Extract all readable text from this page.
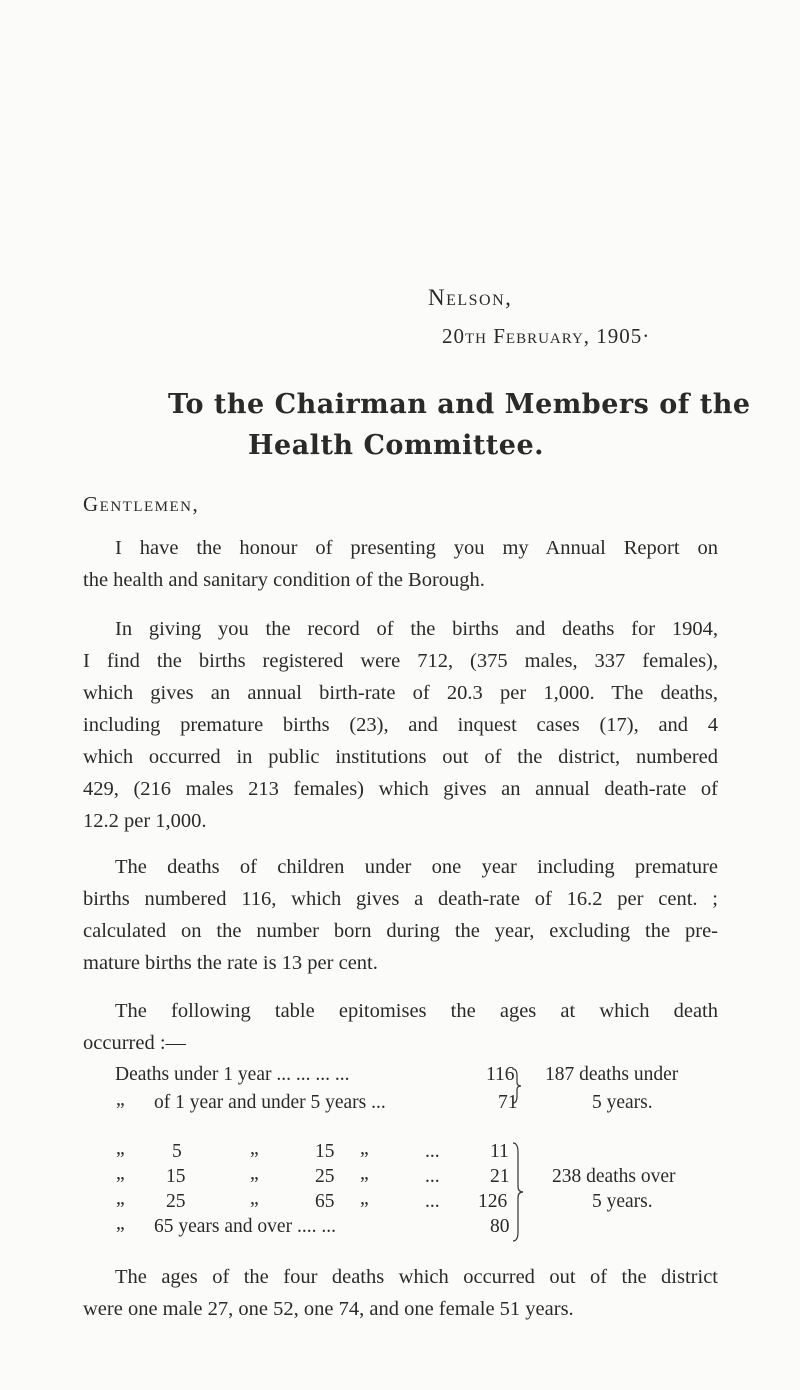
Nelson,
20th February, 1905·
To the Chairman and Members of the
Health Committee.
Gentlemen,
I have the honour of presenting you my Annual Report on
the health and sanitary condition of the Borough.
In giving you the record of the births and deaths for 1904,
I find the births registered were 712, (375 males, 337 females),
which gives an annual birth-rate of 20.3 per 1,000. The deaths,
including premature births (23), and inquest cases (17), and 4
which occurred in public institutions out of the district, numbered
429, (216 males 213 females) which gives an annual death-rate of
12.2 per 1,000.
The deaths of children under one year including premature
births numbered 116, which gives a death-rate of 16.2 per cent. ;
calculated on the number born during the year, excluding the pre-
mature births the rate is 13 per cent.
The following table epitomises the ages at which death
occurred :—
Deaths under 1 year ... ... ... ...	116
„ of 1 year and under 5 years ...	71
187 deaths under
5 years.
„ 5	„	15 „	...	11
„ 15	„	25 „	...	21
„ 25	„	65 „	... 126
„ 65 years and over .... ...	80
238 deaths over
5 years.
The ages of the four deaths which occurred out of the district
were one male 27, one 52, one 74, and one female 51 years.
